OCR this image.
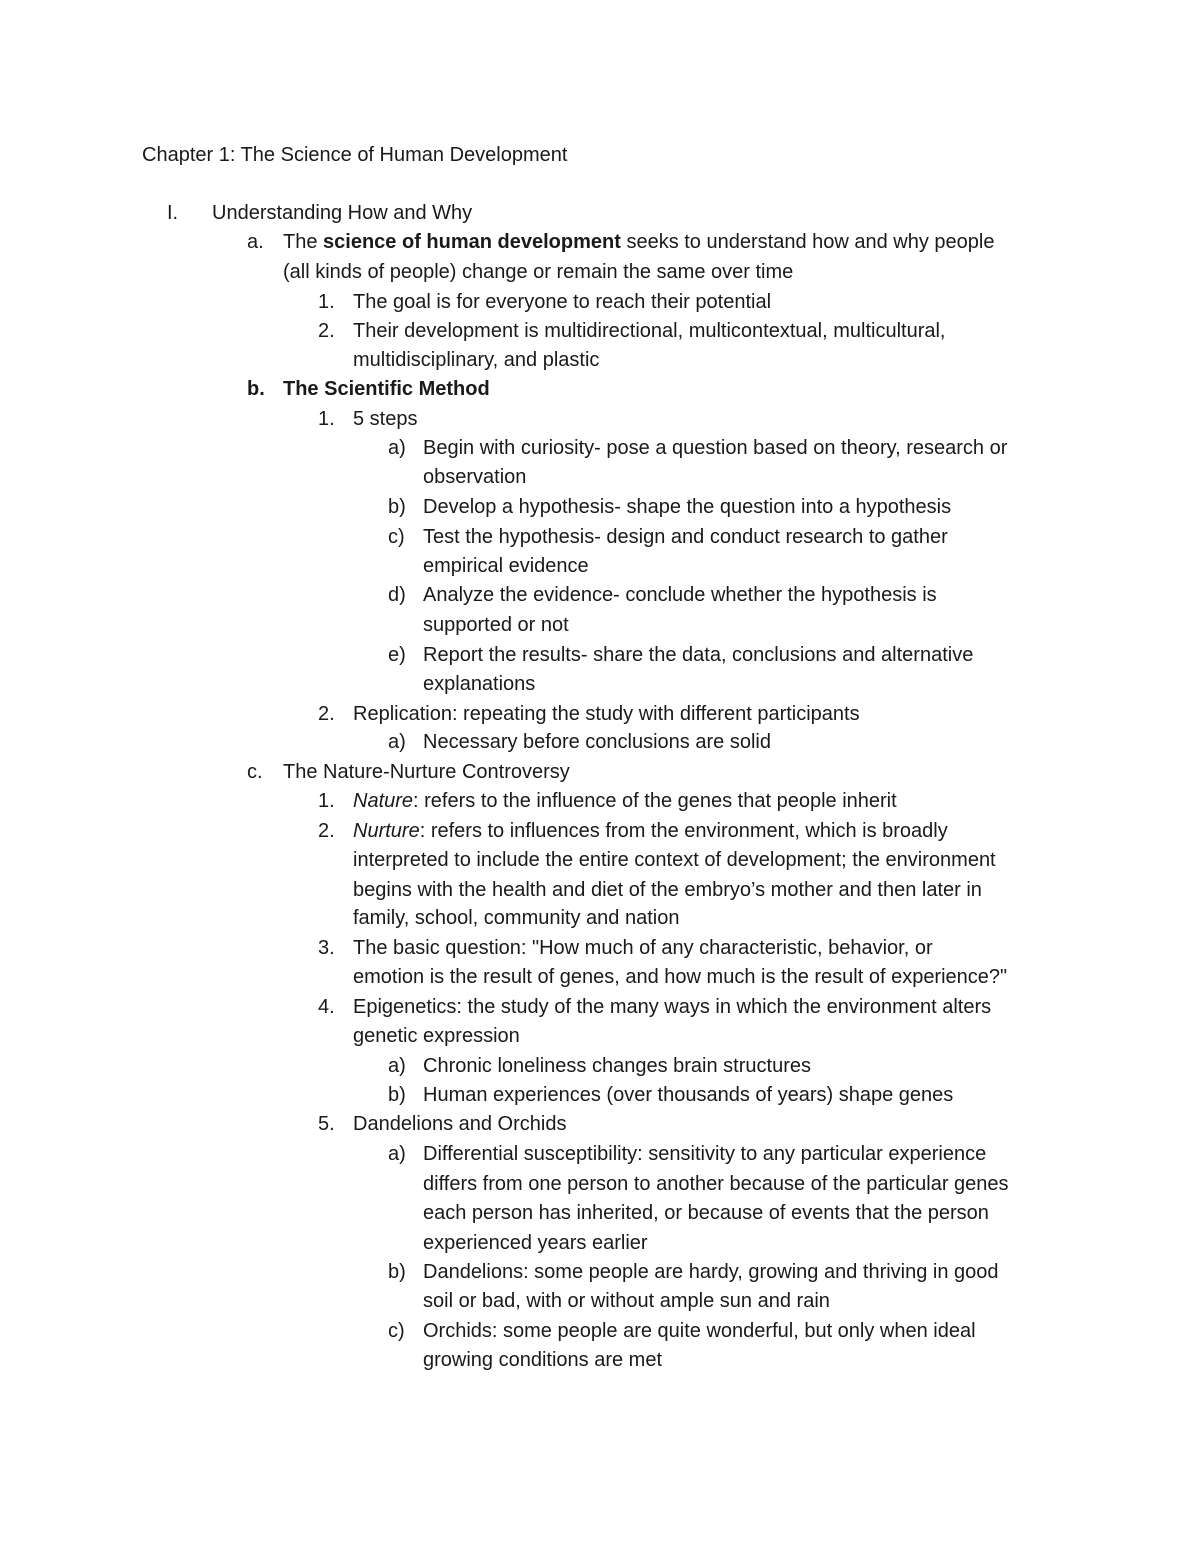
Chapter 1: The Science of Human Development
I. Understanding How and Why
a. The science of human development seeks to understand how and why people
(all kinds of people) change or remain the same over time
1. The goal is for everyone to reach their potential
2. Their development is multidirectional, multicontextual, multicultural,
multidisciplinary, and plastic
b. The Scientific Method
1. 5 steps
a) Begin with curiosity- pose a question based on theory, research or
observation
b) Develop a hypothesis- shape the question into a hypothesis
c) Test the hypothesis- design and conduct research to gather
empirical evidence
d) Analyze the evidence- conclude whether the hypothesis is
supported or not
e) Report the results- share the data, conclusions and alternative
explanations
2. Replication: repeating the study with different participants
a) Necessary before conclusions are solid
c. The Nature-Nurture Controversy
1. Nature: refers to the influence of the genes that people inherit
2. Nurture: refers to influences from the environment, which is broadly
interpreted to include the entire context of development; the environment
begins with the health and diet of the embryo’s mother and then later in
family, school, community and nation
3. The basic question: "How much of any characteristic, behavior, or
emotion is the result of genes, and how much is the result of experience?"
4. Epigenetics: the study of the many ways in which the environment alters
genetic expression
a) Chronic loneliness changes brain structures
b) Human experiences (over thousands of years) shape genes
5. Dandelions and Orchids
a) Differential susceptibility: sensitivity to any particular experience
differs from one person to another because of the particular genes
each person has inherited, or because of events that the person
experienced years earlier
b) Dandelions: some people are hardy, growing and thriving in good
soil or bad, with or without ample sun and rain
c) Orchids: some people are quite wonderful, but only when ideal
growing conditions are met
